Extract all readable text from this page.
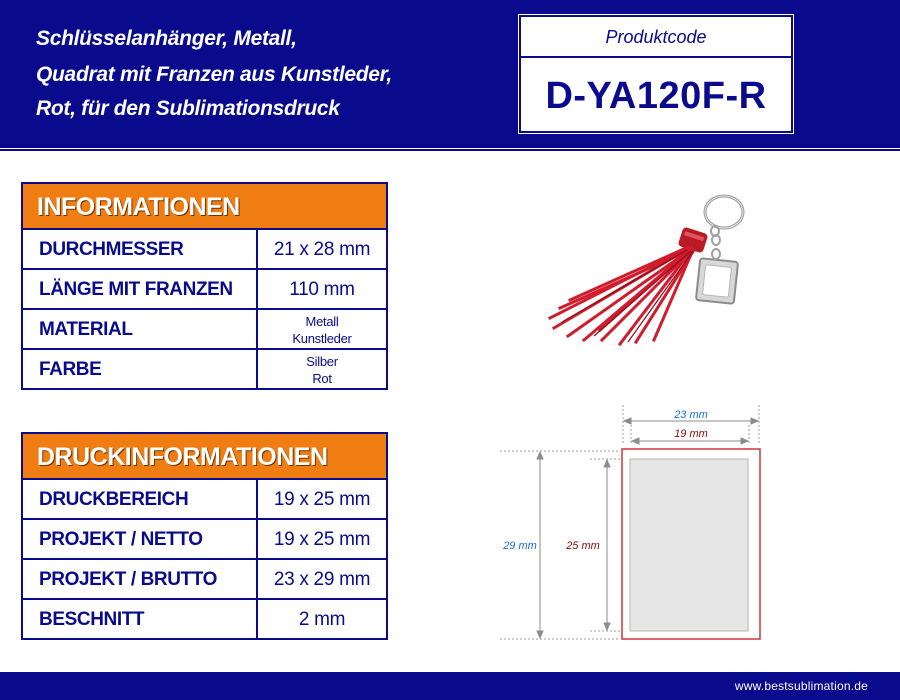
Schlüsselanhänger, Metall,
Quadrat mit Franzen aus Kunstleder,
Rot, für den Sublimationsdruck
Produktcode
D-YA120F-R
INFORMATIONEN
DURCHMESSER	21 x 28 mm
LÄNGE MIT FRANZEN	110 mm
MATERIAL	Metall
Kunstleder
FARBE	Silber
Rot
DRUCKINFORMATIONEN
DRUCKBEREICH	19 x 25 mm
PROJEKT / NETTO	19 x 25 mm
PROJEKT / BRUTTO	23 x 29 mm
BESCHNITT	2 mm
23 mm
19 mm
29 mm	25 mm
www.bestsublimation.de
